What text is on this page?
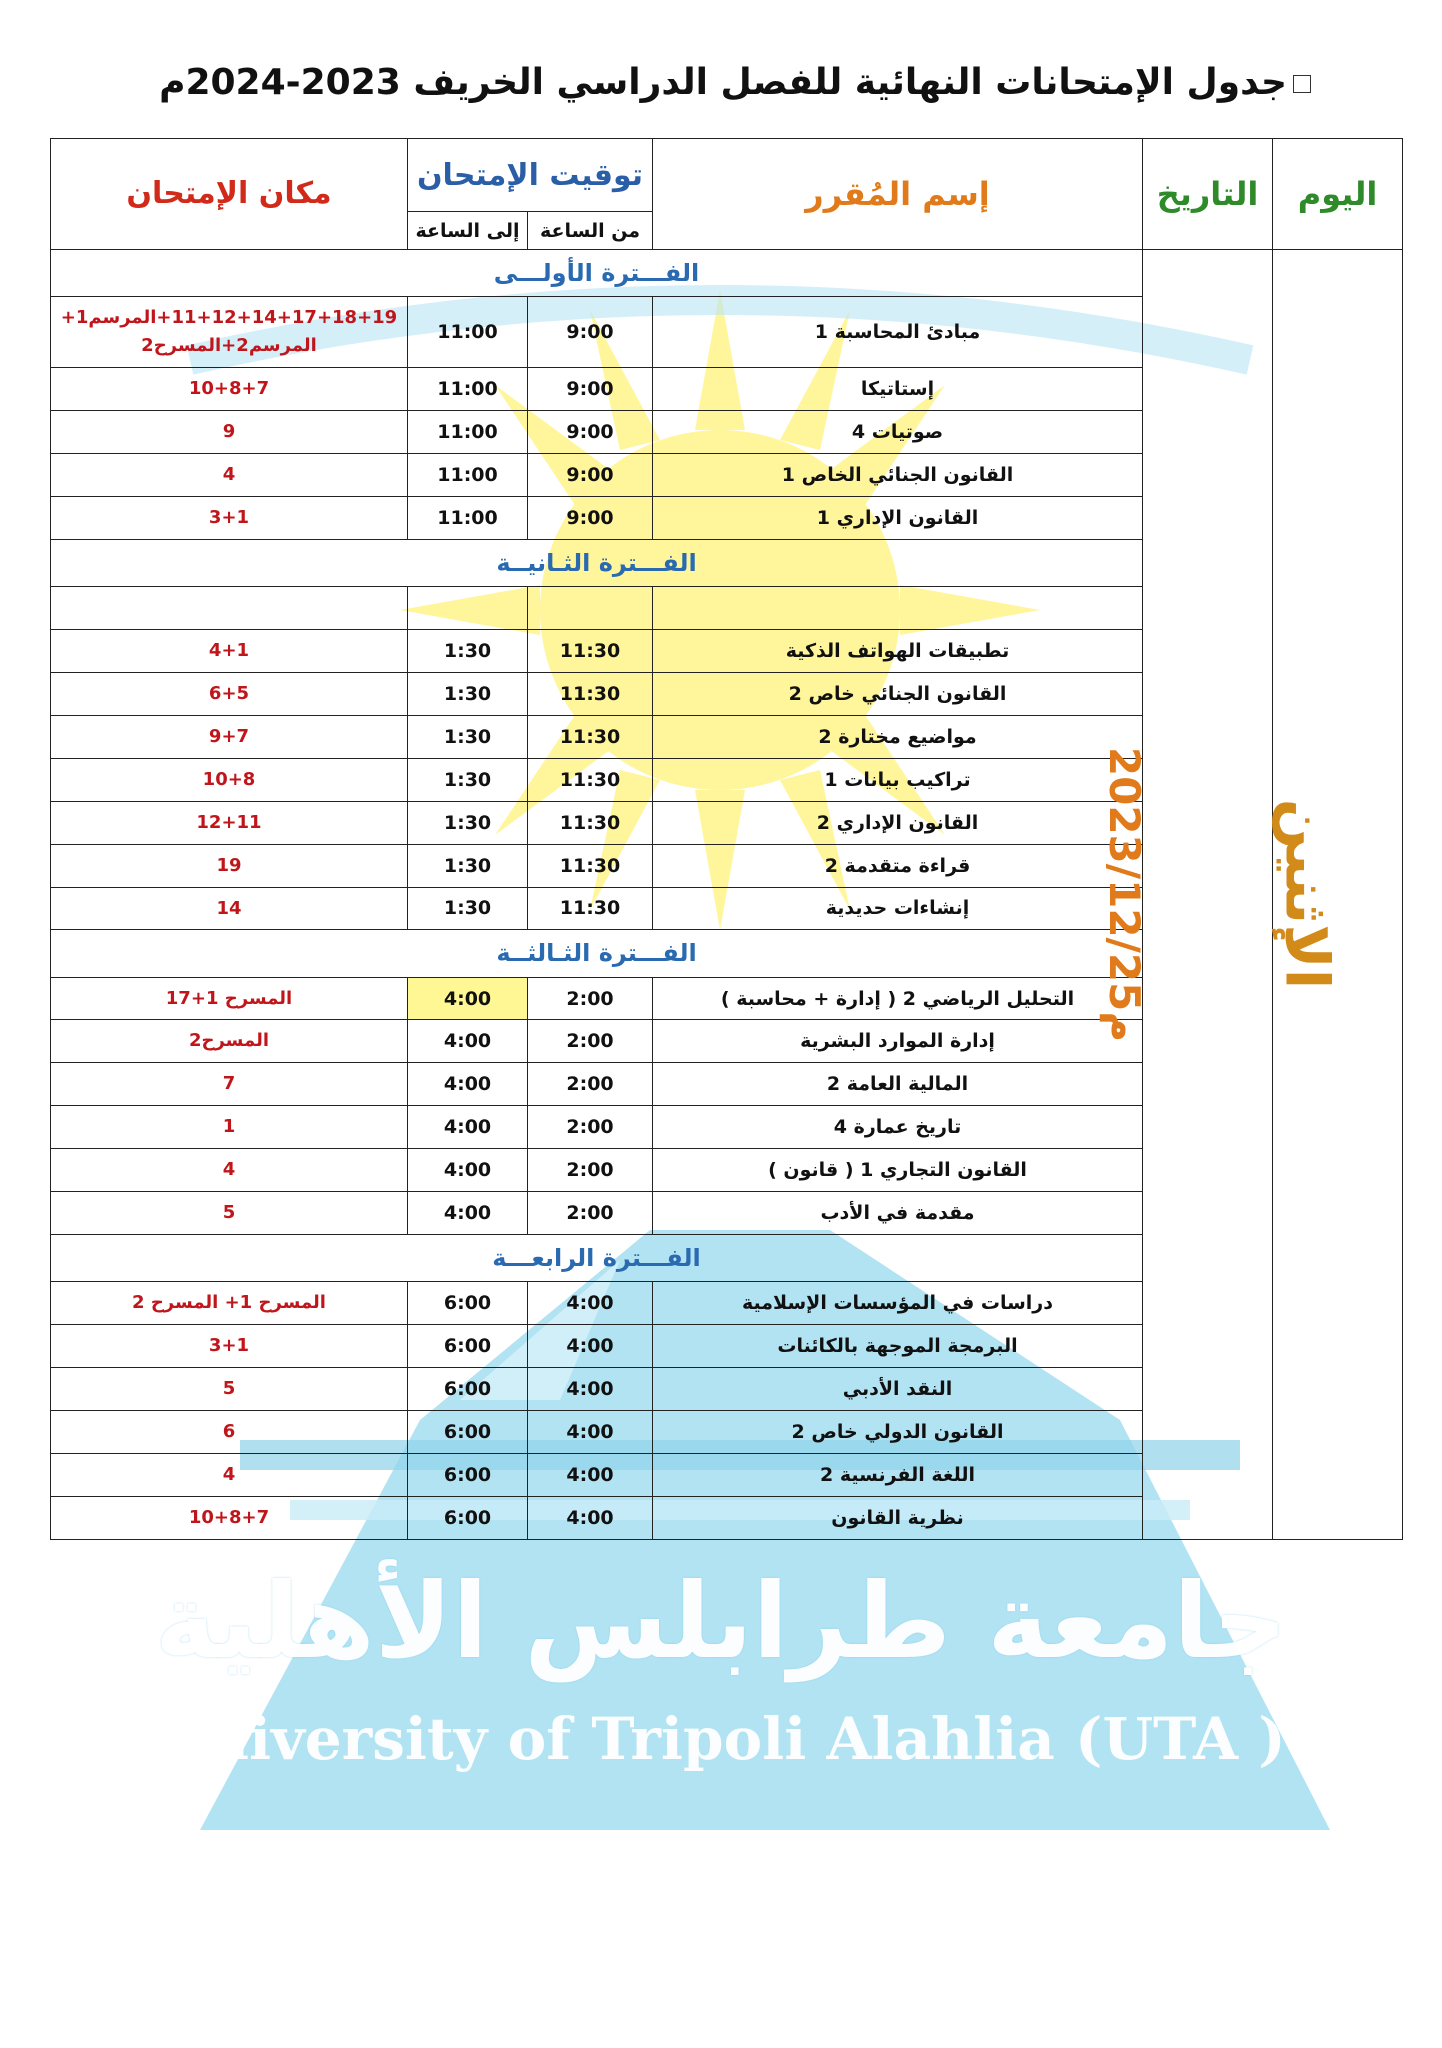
جدول الإمتحانات النهائية للفصل الدراسي الخريف 2023-2024م
اليوم	التاريخ	إسم المُقرر	توقيت الإمتحان		مكان الإمتحان
			من الساعة	إلى الساعة	
الإثنين	2023/12/25م	الفـــترة الأولـــى			
		مبادئ المحاسبة 1	9:00	11:00	11+12+14+17+18+19+المرسم1+ المرسم2+المسرح2
		إستاتيكا	9:00	11:00	10+8+7
		صوتيات 4	9:00	11:00	9
		القانون الجنائي الخاص 1	9:00	11:00	4
		القانون الإداري 1	9:00	11:00	3+1
		الفـــترة الثـانيــة			

		تطبيقات الهواتف الذكية	11:30	1:30	4+1
		القانون الجنائي خاص 2	11:30	1:30	6+5
		مواضيع مختارة 2	11:30	1:30	9+7
		تراكيب بيانات 1	11:30	1:30	10+8
		القانون الإداري 2	11:30	1:30	12+11
		قراءة متقدمة 2	11:30	1:30	19
		إنشاءات حديدية	11:30	1:30	14
		الفـــترة الثـالثــة			
		التحليل الرياضي 2 ( إدارة + محاسبة )	2:00	4:00	المسرح 1+17
		إدارة الموارد البشرية	2:00	4:00	المسرح2
		المالية العامة 2	2:00	4:00	7
		تاريخ عمارة 4	2:00	4:00	1
		القانون التجاري 1 ( قانون )	2:00	4:00	4
		مقدمة في الأدب	2:00	4:00	5
		الفـــترة الرابعـــة			
		دراسات في المؤسسات الإسلامية	4:00	6:00	المسرح 1+ المسرح 2
		البرمجة الموجهة بالكائنات	4:00	6:00	3+1
		النقد الأدبي	4:00	6:00	5
		القانون الدولي خاص 2	4:00	6:00	6
		اللغة الفرنسية 2	4:00	6:00	4
		نظرية القانون	4:00	6:00	10+8+7
جامعة طرابلس الأهلية
University of Tripoli Alahlia (UTA )
